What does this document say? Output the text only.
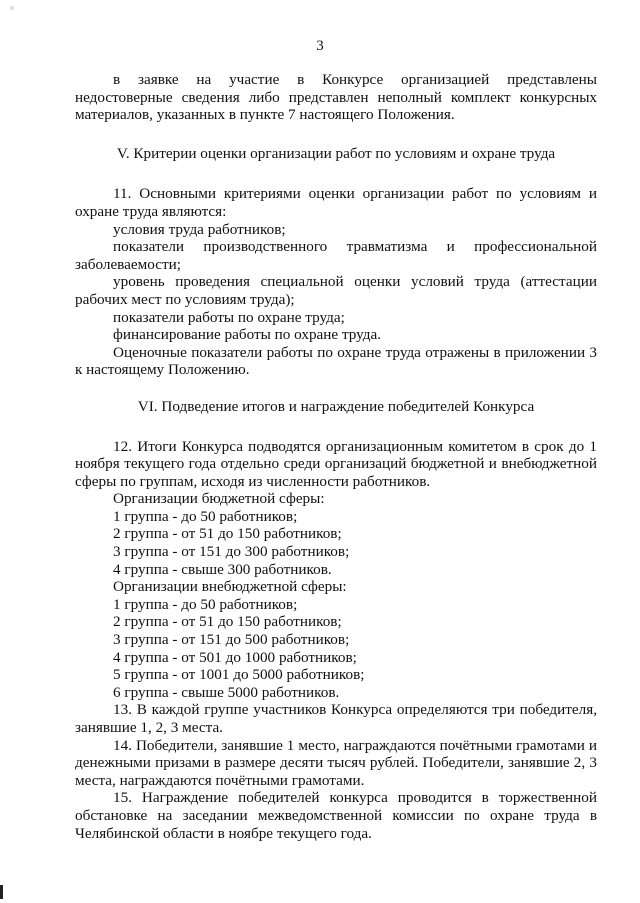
3

в заявке на участие в Конкурсе организацией представлены недостоверные сведения либо представлен неполный комплект конкурсных материалов, указанных в пункте 7 настоящего Положения.

V. Критерии оценки организации работ по условиям и охране труда

11. Основными критериями оценки организации работ по условиям и охране труда являются:

условия труда работников;

показатели производственного травматизма и профессиональной заболеваемости;

уровень проведения специальной оценки условий труда (аттестации рабочих мест по условиям труда);

показатели работы по охране труда;

финансирование работы по охране труда.

Оценочные показатели работы по охране труда отражены в приложении 3 к настоящему Положению.

VI. Подведение итогов и награждение победителей Конкурса

12. Итоги Конкурса подводятся организационным комитетом в срок до 1 ноября текущего года отдельно среди организаций бюджетной и внебюджетной сферы по группам, исходя из численности работников.

Организации бюджетной сферы:

1 группа - до 50 работников;

2 группа - от 51 до 150 работников;

3 группа - от 151 до 300 работников;

4 группа - свыше 300 работников.

Организации внебюджетной сферы:

1 группа - до 50 работников;

2 группа - от 51 до 150 работников;

3 группа - от 151 до 500 работников;

4 группа - от 501 до 1000 работников;

5 группа - от 1001 до 5000 работников;

6 группа - свыше 5000 работников.

13. В каждой группе участников Конкурса определяются три победителя, занявшие 1, 2, 3 места.

14. Победители, занявшие 1 место, награждаются почётными грамотами и денежными призами в размере десяти тысяч рублей. Победители, занявшие 2, 3 места, награждаются почётными грамотами.

15. Награждение победителей конкурса проводится в торжественной обстановке на заседании межведомственной комиссии по охране труда в Челябинской области в ноябре текущего года.
